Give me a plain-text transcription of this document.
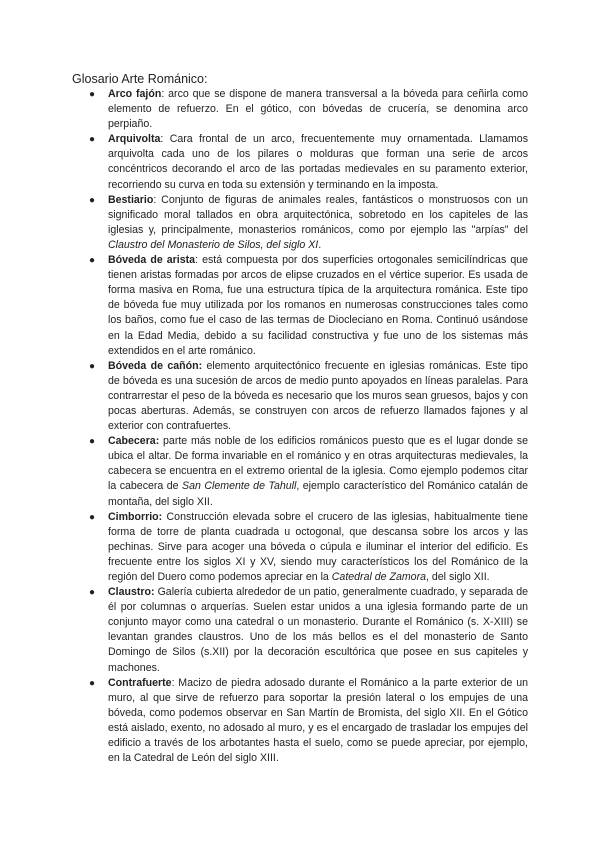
Glosario Arte Románico:
● Arco fajón: arco que se dispone de manera transversal a la bóveda para ceñirla como elemento de refuerzo. En el gótico, con bóvedas de crucería, se denomina arco perpiaño.
● Arquivolta: Cara frontal de un arco, frecuentemente muy ornamentada. Llamamos arquivolta cada uno de los pilares o molduras que forman una serie de arcos concéntricos decorando el arco de las portadas medievales en su paramento exterior, recorriendo su curva en toda su extensión y terminando en la imposta.
● Bestiario: Conjunto de figuras de animales reales, fantásticos o monstruosos con un significado moral tallados en obra arquitectónica, sobretodo en los capiteles de las iglesias y, principalmente, monasterios románicos, como por ejemplo las "arpías" del Claustro del Monasterio de Silos, del siglo XI.
● Bóveda de arista: está compuesta por dos superficies ortogonales semicilíndricas que tienen aristas formadas por arcos de elipse cruzados en el vértice superior. Es usada de forma masiva en Roma, fue una estructura típica de la arquitectura románica. Este tipo de bóveda fue muy utilizada por los romanos en numerosas construcciones tales como los baños, como fue el caso de las termas de Diocleciano en Roma. Continuó usándose en la Edad Media, debido a su facilidad constructiva y fue uno de los sistemas más extendidos en el arte románico.
● Bóveda de cañón: elemento arquitectónico frecuente en iglesias románicas. Este tipo de bóveda es una sucesión de arcos de medio punto apoyados en líneas paralelas. Para contrarrestar el peso de la bóveda es necesario que los muros sean gruesos, bajos y con pocas aberturas. Además, se construyen con arcos de refuerzo llamados fajones y al exterior con contrafuertes.
● Cabecera: parte más noble de los edificios románicos puesto que es el lugar donde se ubica el altar. De forma invariable en el románico y en otras arquitecturas medievales, la cabecera se encuentra en el extremo oriental de la iglesia. Como ejemplo podemos citar la cabecera de San Clemente de Tahull, ejemplo característico del Románico catalán de montaña, del siglo XII.
● Cimborrio: Construcción elevada sobre el crucero de las iglesias, habitualmente tiene forma de torre de planta cuadrada u octogonal, que descansa sobre los arcos y las pechinas. Sirve para acoger una bóveda o cúpula e iluminar el interior del edificio. Es frecuente entre los siglos XI y XV, siendo muy característicos los del Románico de la región del Duero como podemos apreciar en la Catedral de Zamora, del siglo XII.
● Claustro: Galería cubierta alrededor de un patio, generalmente cuadrado, y separada de él por columnas o arquerías. Suelen estar unidos a una iglesia formando parte de un conjunto mayor como una catedral o un monasterio. Durante el Románico (s. X-XIII) se levantan grandes claustros. Uno de los más bellos es el del monasterio de Santo Domingo de Silos (s.XII) por la decoración escultórica que posee en sus capiteles y machones.
● Contrafuerte: Macizo de piedra adosado durante el Románico a la parte exterior de un muro, al que sirve de refuerzo para soportar la presión lateral o los empujes de una bóveda, como podemos observar en San Martín de Bromista, del siglo XII. En el Gótico está aislado, exento, no adosado al muro, y es el encargado de trasladar los empujes del edificio a través de los arbotantes hasta el suelo, como se puede apreciar, por ejemplo, en la Catedral de León del siglo XIII.
